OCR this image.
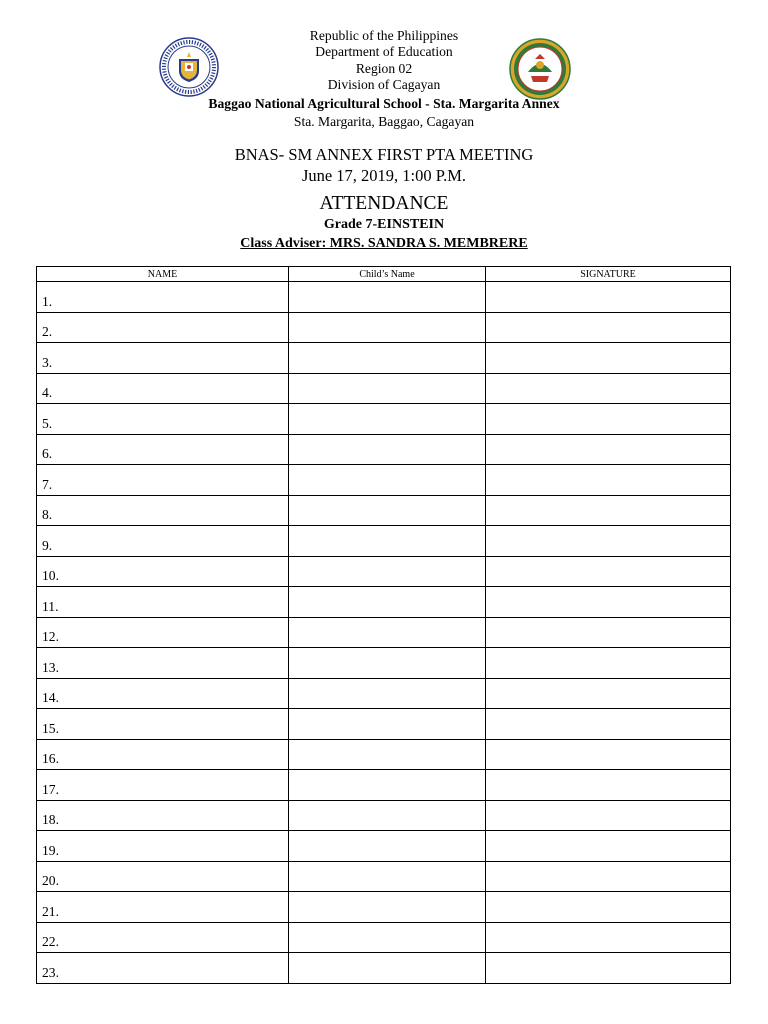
Republic of the Philippines
Department of Education
Region 02
Division of Cagayan
Baggao National Agricultural School - Sta. Margarita Annex
Sta. Margarita, Baggao, Cagayan
BNAS- SM ANNEX FIRST PTA MEETING
June 17, 2019, 1:00 P.M.
ATTENDANCE
Grade 7-EINSTEIN
Class Adviser: MRS. SANDRA S. MEMBRERE
NAME	Child’s Name	SIGNATURE
1.		
2.		
3.		
4.		
5.		
6.		
7.		
8.		
9.		
10.		
11.		
12.		
13.		
14.		
15.		
16.		
17.		
18.		
19.		
20.		
21.		
22.		
23.		
